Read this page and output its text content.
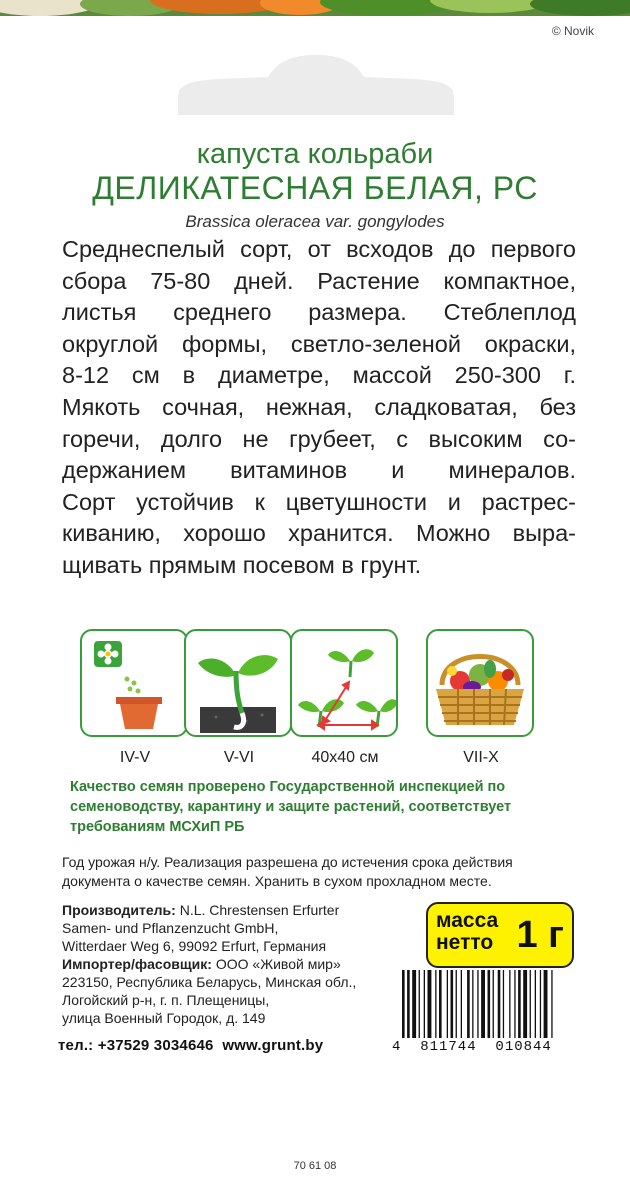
© Novik
капуста кольраби
ДЕЛИКАТЕСНАЯ БЕЛАЯ, РС
Brassica oleracea var. gongylodes
Среднеспелый сорт, от всходов до первого
сбора 75-80 дней. Растение компактное,
листья среднего размера. Стеблеплод
округлой формы, светло-зеленой окраски,
8-12 см в диаметре, массой 250-300 г.
Мякоть сочная, нежная, сладковатая, без
горечи, долго не грубеет, с высоким со-
держанием витаминов и минералов.
Сорт устойчив к цветушности и растрес-
киванию, хорошо хранится. Можно выра-
щивать прямым посевом в грунт.
IV-V	V-VI	40x40 см	VII-X
Качество семян проверено Государственной инспекцией по
семеноводству, карантину и защите растений, соответствует
требованиям МСХиП РБ
Год урожая н/у. Реализация разрешена до истечения срока действия
документа о качестве семян. Хранить в сухом прохладном месте.
Производитель: N.L. Chrestensen Erfurter
Samen- und Pflanzenzucht GmbH,
Witterdaer Weg 6, 99092 Erfurt, Германия
Импортер/фасовщик: ООО «Живой мир»
223150, Республика Беларусь, Минская обл.,
Логойский р-н, г. п. Плещеницы,
улица Военный Городок, д. 149
тел.: +37529 3034646  www.grunt.by
масса
нетто 1 г
4  811744  010844
70 61 08
